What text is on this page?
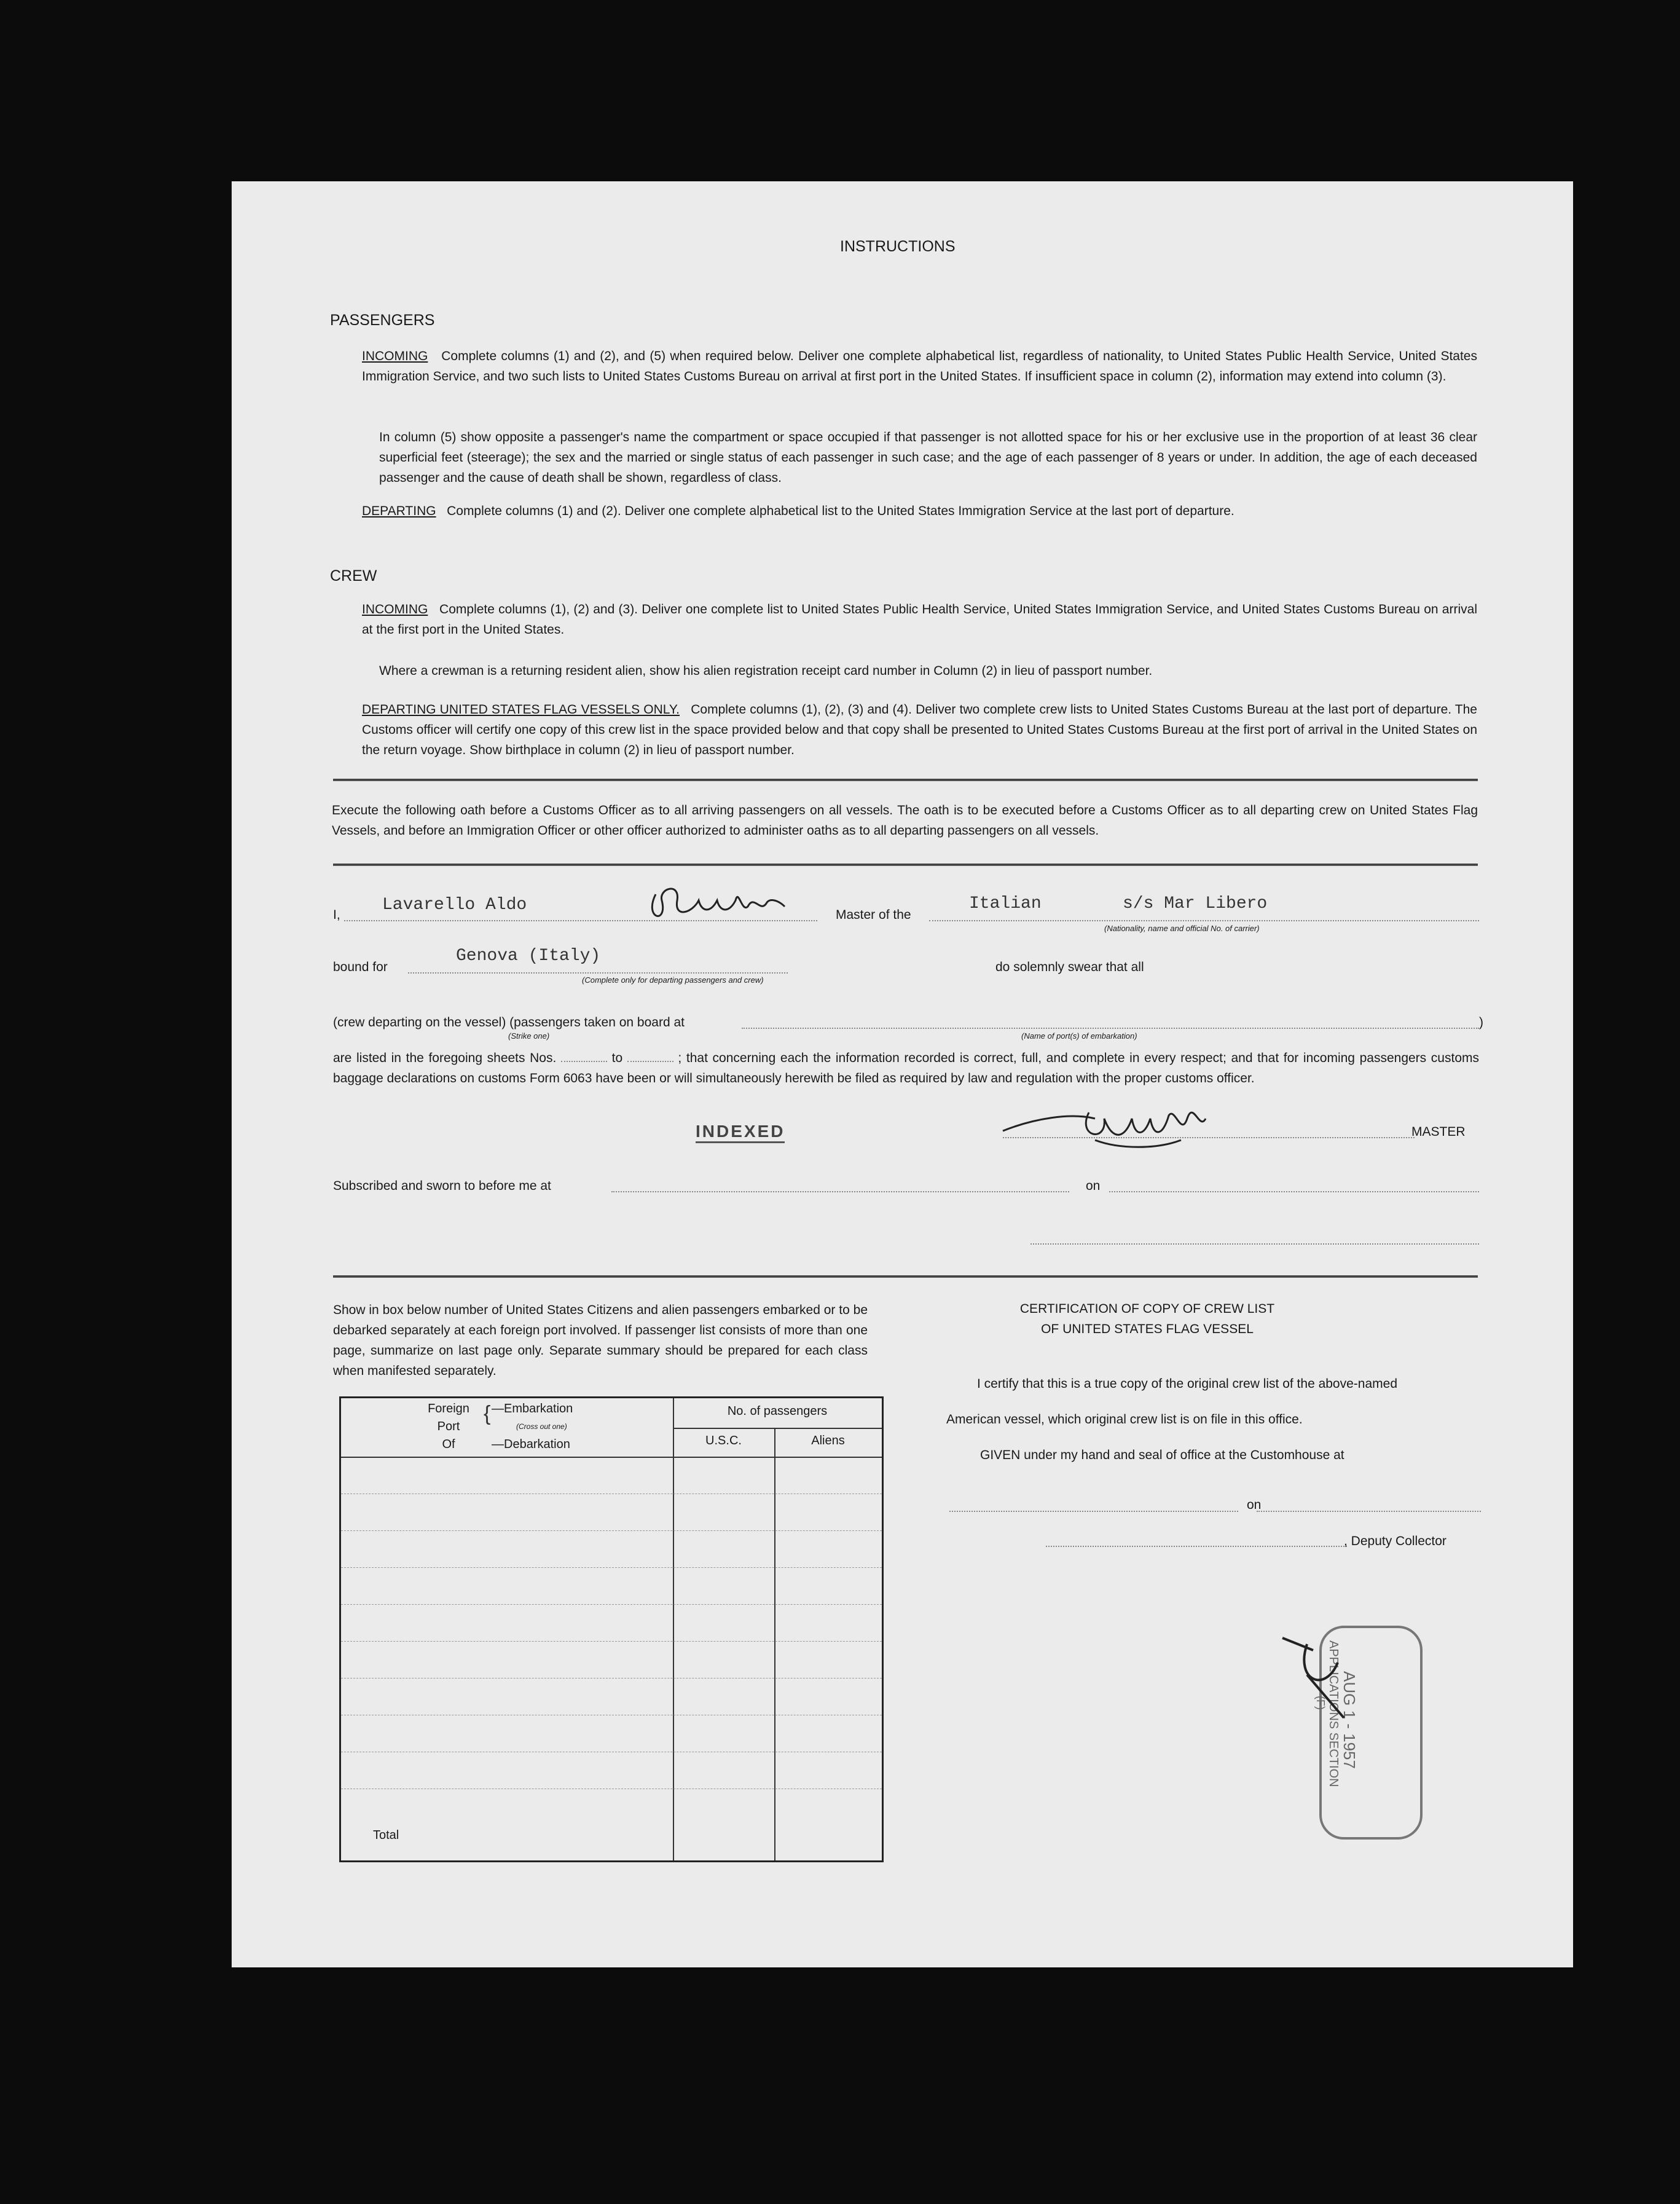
INSTRUCTIONS
PASSENGERS
INCOMING Complete columns (1) and (2), and (5) when required below. Deliver one complete alphabetical list, regardless of nationality, to United States Public Health Service, United States Immigration Service, and two such lists to United States Customs Bureau on arrival at first port in the United States. If insufficient space in column (2), information may extend into column (3).
In column (5) show opposite a passenger's name the compartment or space occupied if that passenger is not allotted space for his or her exclusive use in the proportion of at least 36 clear superficial feet (steerage); the sex and the married or single status of each passenger in such case; and the age of each passenger of 8 years or under. In addition, the age of each deceased passenger and the cause of death shall be shown, regardless of class.
DEPARTING Complete columns (1) and (2). Deliver one complete alphabetical list to the United States Immigration Service at the last port of departure.
CREW
INCOMING Complete columns (1), (2) and (3). Deliver one complete list to United States Public Health Service, United States Immigration Service, and United States Customs Bureau on arrival at the first port in the United States.
Where a crewman is a returning resident alien, show his alien registration receipt card number in Column (2) in lieu of passport number.
DEPARTING UNITED STATES FLAG VESSELS ONLY. Complete columns (1), (2), (3) and (4). Deliver two complete crew lists to United States Customs Bureau at the last port of departure. The Customs officer will certify one copy of this crew list in the space provided below and that copy shall be presented to United States Customs Bureau at the first port of arrival in the United States on the return voyage. Show birthplace in column (2) in lieu of passport number.
Execute the following oath before a Customs Officer as to all arriving passengers on all vessels. The oath is to be executed before a Customs Officer as to all departing crew on United States Flag Vessels, and before an Immigration Officer or other officer authorized to administer oaths as to all departing passengers on all vessels.
I,
Lavarello Aldo
Master of the
Italian	s/s Mar Libero
(Nationality, name and official No. of carrier)
bound for
Genova (Italy)
(Complete only for departing passengers and crew)
do solemnly swear that all
(crew departing on the vessel) (passengers taken on board at
(Strike one)	(Name of port(s) of embarkation)
)
are listed in the foregoing sheets Nos.	to	; that concerning each the information recorded is correct, full, and complete in every respect; and that for incoming passengers customs baggage declarations on customs Form 6063 have been or will simultaneously herewith be filed as required by law and regulation with the proper customs officer.
INDEXED	MASTER
Subscribed and sworn to before me at	on
Show in box below number of United States Citizens and alien passengers embarked or to be debarked separately at each foreign port involved. If passenger list consists of more than one page, summarize on last page only. Separate summary should be prepared for each class when manifested separately.
Foreign
Port
Of
{ —Embarkation
(Cross out one)
—Debarkation
No. of passengers
U.S.C.	Aliens
Total
CERTIFICATION OF COPY OF CREW LIST
OF UNITED STATES FLAG VESSEL
I certify that this is a true copy of the original crew list of the above-named
American vessel, which original crew list is on file in this office.
GIVEN under my hand and seal of office at the Customhouse at
on
, Deputy Collector
AUG 1 - 1957
APPLICATIONS SECTION
(F)
